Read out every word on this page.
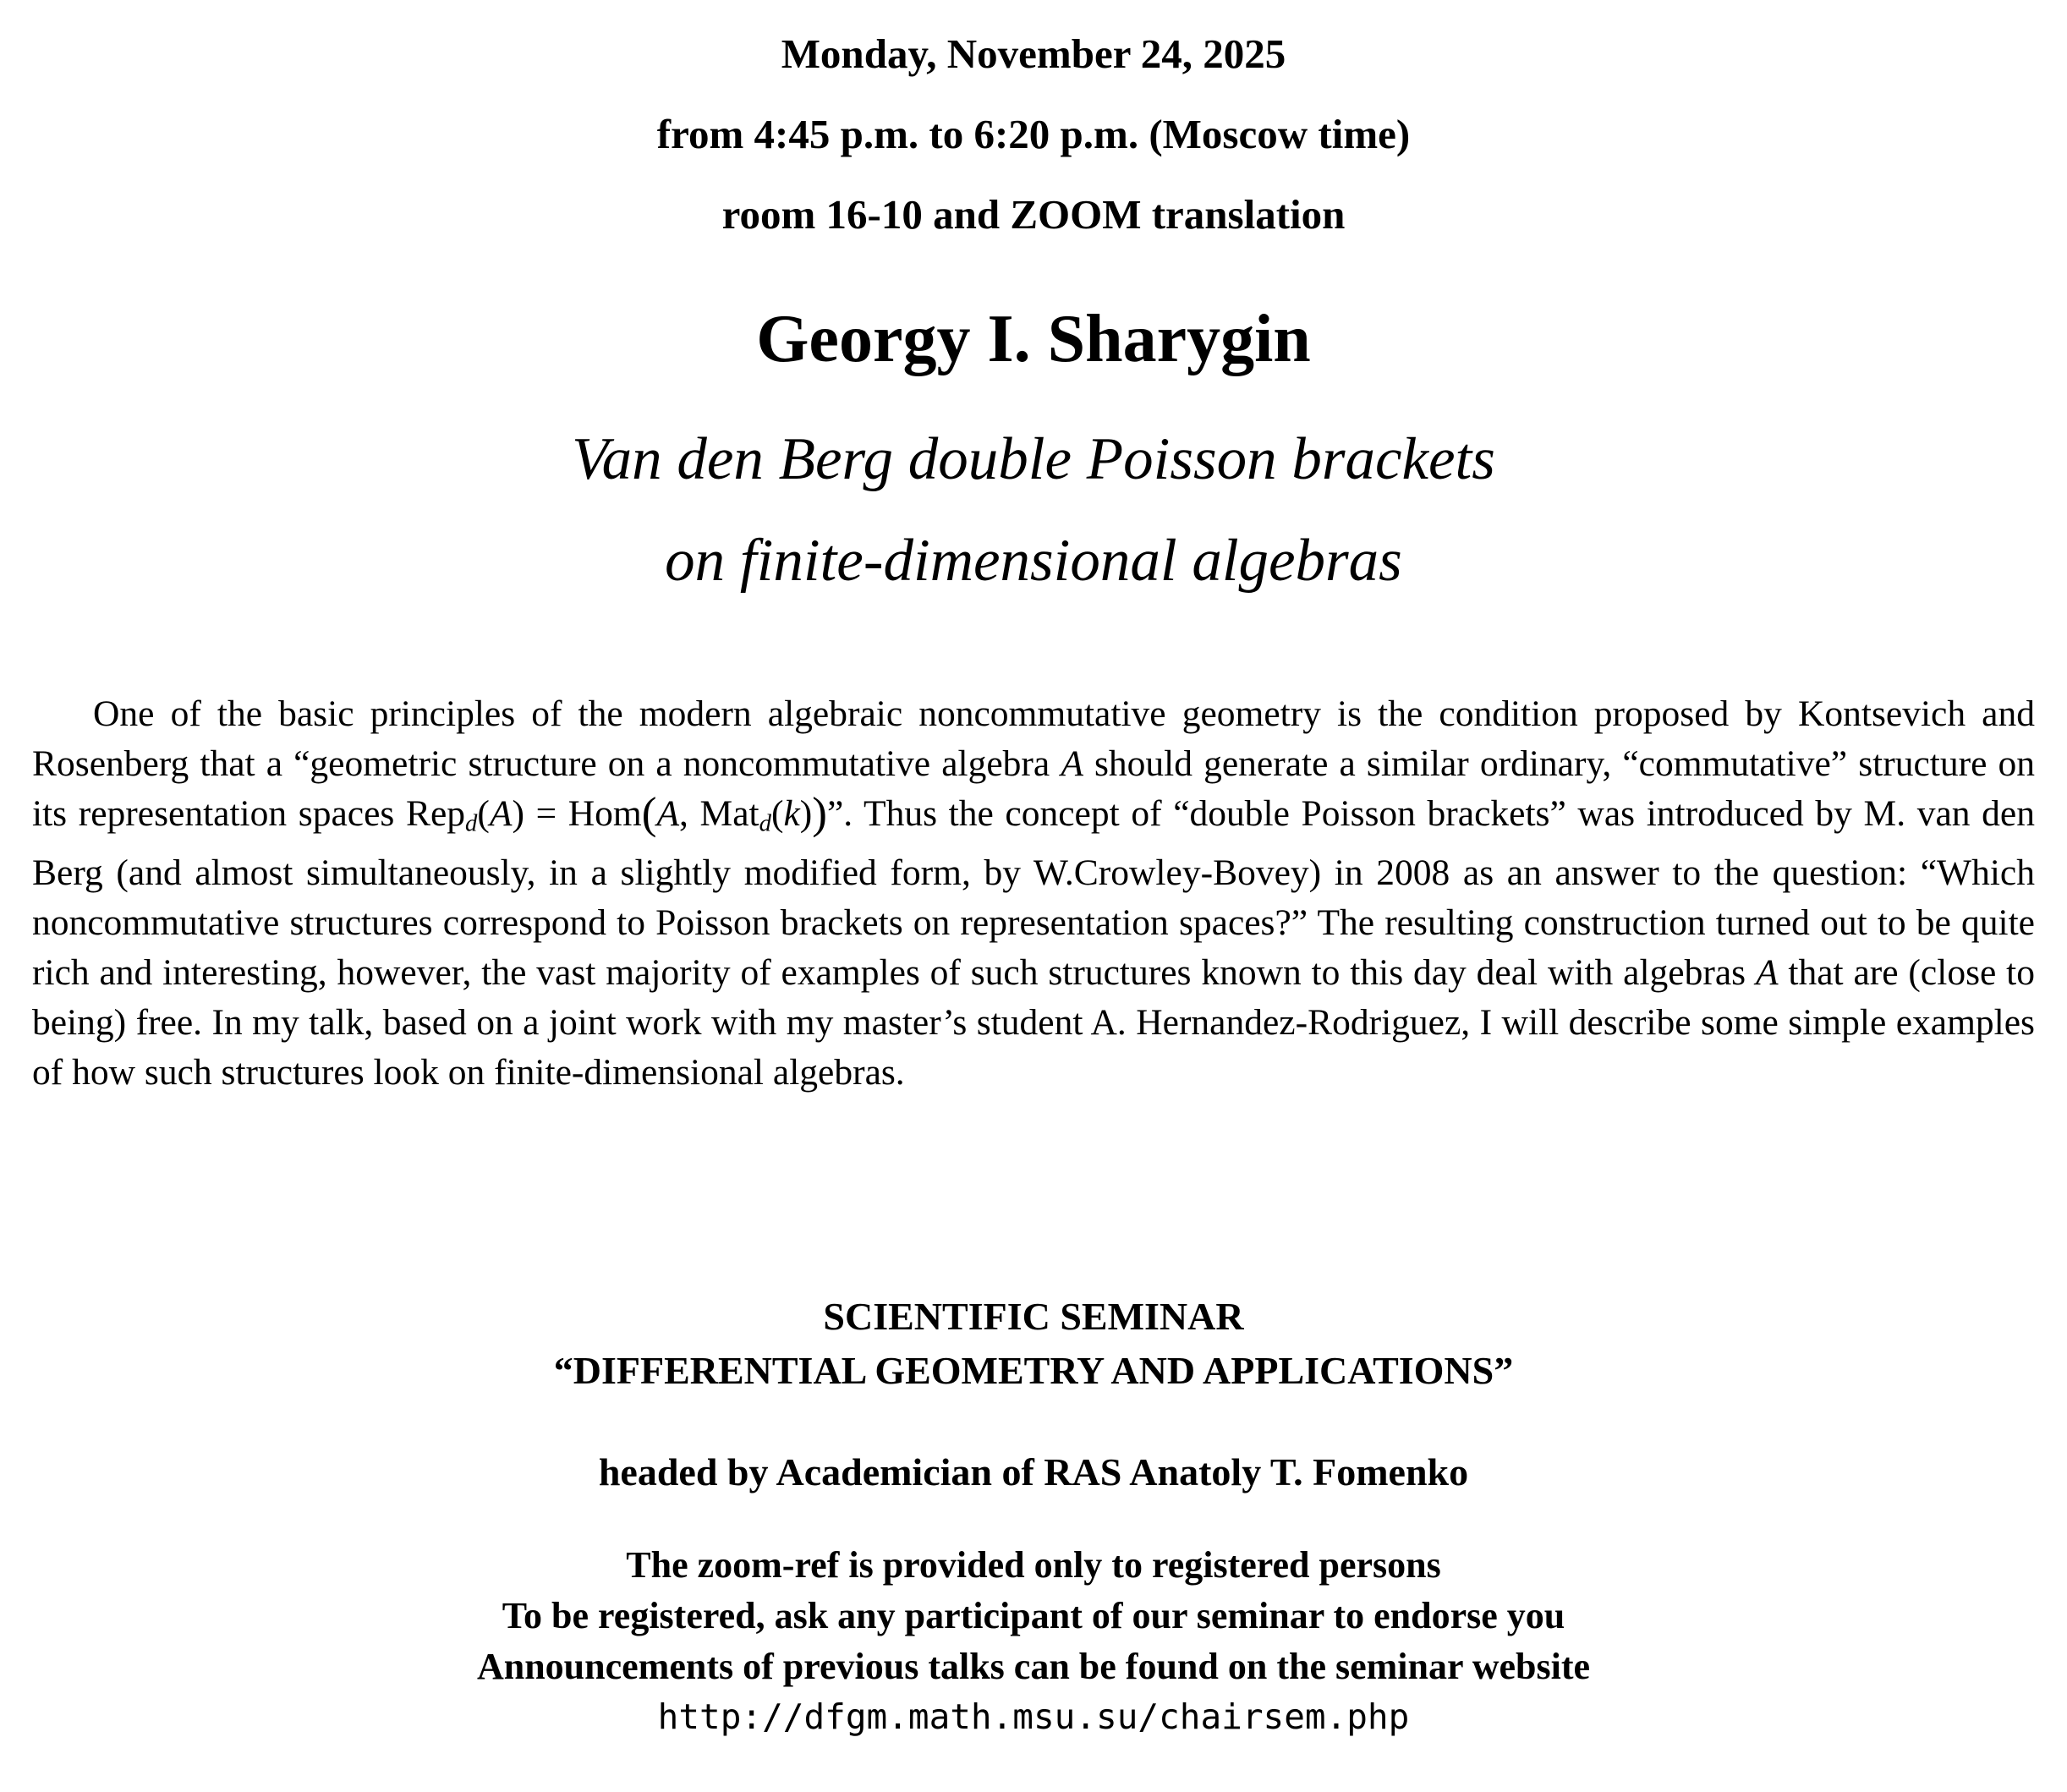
Monday, November 24, 2025
from 4:45 p.m. to 6:20 p.m. (Moscow time)
room 16-10 and ZOOM translation
Georgy I. Sharygin
Van den Berg double Poisson brackets
on finite-dimensional algebras

One of the basic principles of the modern algebraic noncommutative geometry is the condition proposed by Kontsevich and Rosenberg that a “geometric structure on a noncommutative algebra A should generate a similar ordinary, “commutative” structure on its representation spaces Repd(A) = Hom(A, Matd(k))”. Thus the concept of “double Poisson brackets” was introduced by M. van den Berg (and almost simultaneously, in a slightly modified form, by W.Crowley-Bovey) in 2008 as an answer to the question: “Which noncommutative structures correspond to Poisson brackets on representation spaces?” The resulting construction turned out to be quite rich and interesting, however, the vast majority of examples of such structures known to this day deal with algebras A that are (close to being) free. In my talk, based on a joint work with my master’s student A. Hernandez-Rodriguez, I will describe some simple examples of how such structures look on finite-dimensional algebras.

SCIENTIFIC SEMINAR
“DIFFERENTIAL GEOMETRY AND APPLICATIONS”
headed by Academician of RAS Anatoly T. Fomenko
The zoom-ref is provided only to registered persons
To be registered, ask any participant of our seminar to endorse you
Announcements of previous talks can be found on the seminar website
http://dfgm.math.msu.su/chairsem.php
